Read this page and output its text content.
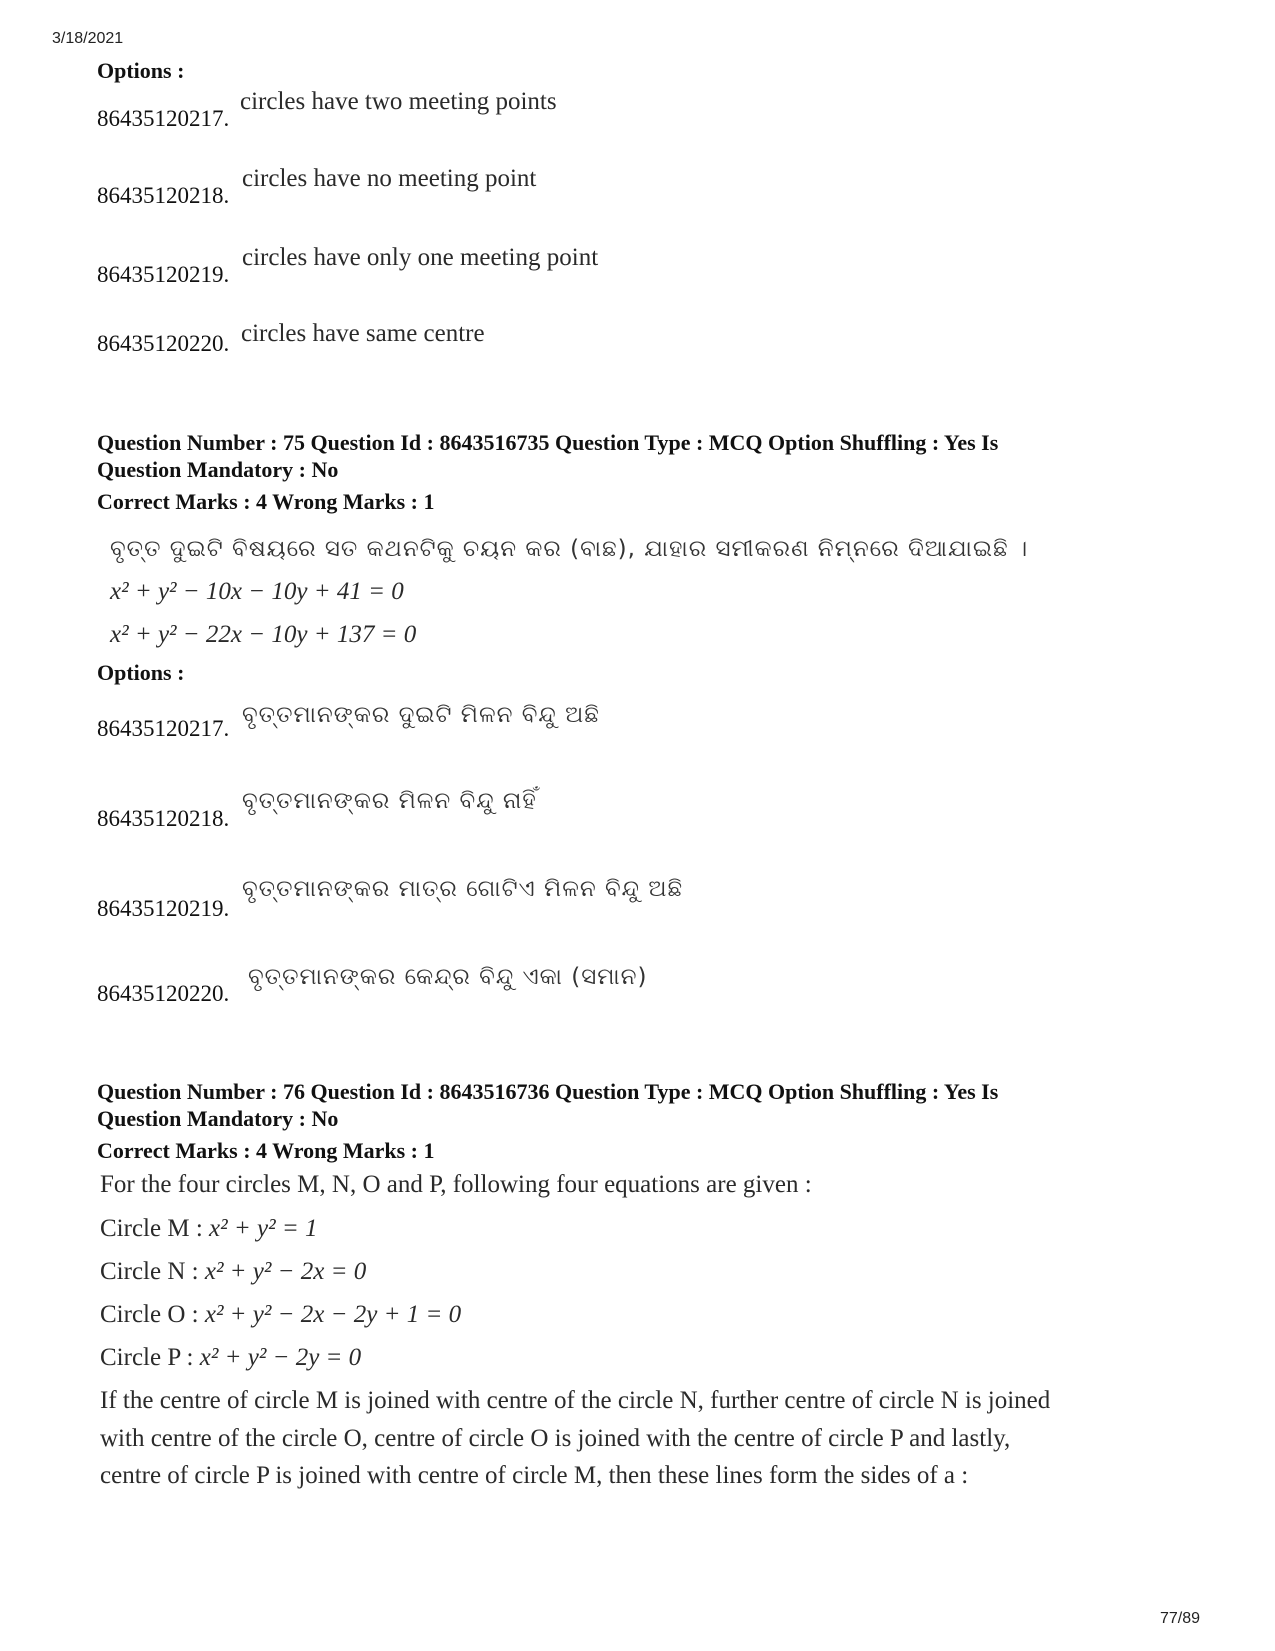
3/18/2021
Options :
86435120217.
circles have two meeting points
86435120218.
circles have no meeting point
86435120219.
circles have only one meeting point
86435120220. circles have same centre
Question Number : 75 Question Id : 8643516735 Question Type : MCQ Option Shuffling : Yes Is
Question Mandatory : No
Correct Marks : 4 Wrong Marks : 1
ବୃତ୍ତ ଦୁଇଟି ବିଷୟରେ ସତ କଥନଟିକୁ ଚୟନ କର (ବାଛ), ଯାହାର ସମୀକରଣ ନିମ୍ନରେ ଦିଆଯାଇଛି ।
x² + y² − 10x − 10y + 41 = 0
x² + y² − 22x − 10y + 137 = 0
Options :
86435120217.
ବୃତ୍ତମାନଙ୍କର ଦୁଇଟି ମିଳନ ବିନ୍ଦୁ ଅଛି
86435120218.
ବୃତ୍ତମାନଙ୍କର ମିଳନ ବିନ୍ଦୁ ନାହିଁ
86435120219.
ବୃତ୍ତମାନଙ୍କର ମାତ୍ର ଗୋଟିଏ ମିଳନ ବିନ୍ଦୁ ଅଛି
86435120220.
ବୃତ୍ତମାନଙ୍କର କେନ୍ଦ୍ର ବିନ୍ଦୁ ଏକା (ସମାନ)
Question Number : 76 Question Id : 8643516736 Question Type : MCQ Option Shuffling : Yes Is
Question Mandatory : No
Correct Marks : 4 Wrong Marks : 1
For the four circles M, N, O and P, following four equations are given :
Circle M : x² + y² = 1
Circle N : x² + y² − 2x = 0
Circle O : x² + y² − 2x − 2y + 1 = 0
Circle P : x² + y² − 2y = 0
If the centre of circle M is joined with centre of the circle N, further centre of circle N is joined
with centre of the circle O, centre of circle O is joined with the centre of circle P and lastly,
centre of circle P is joined with centre of circle M, then these lines form the sides of a :
77/89
